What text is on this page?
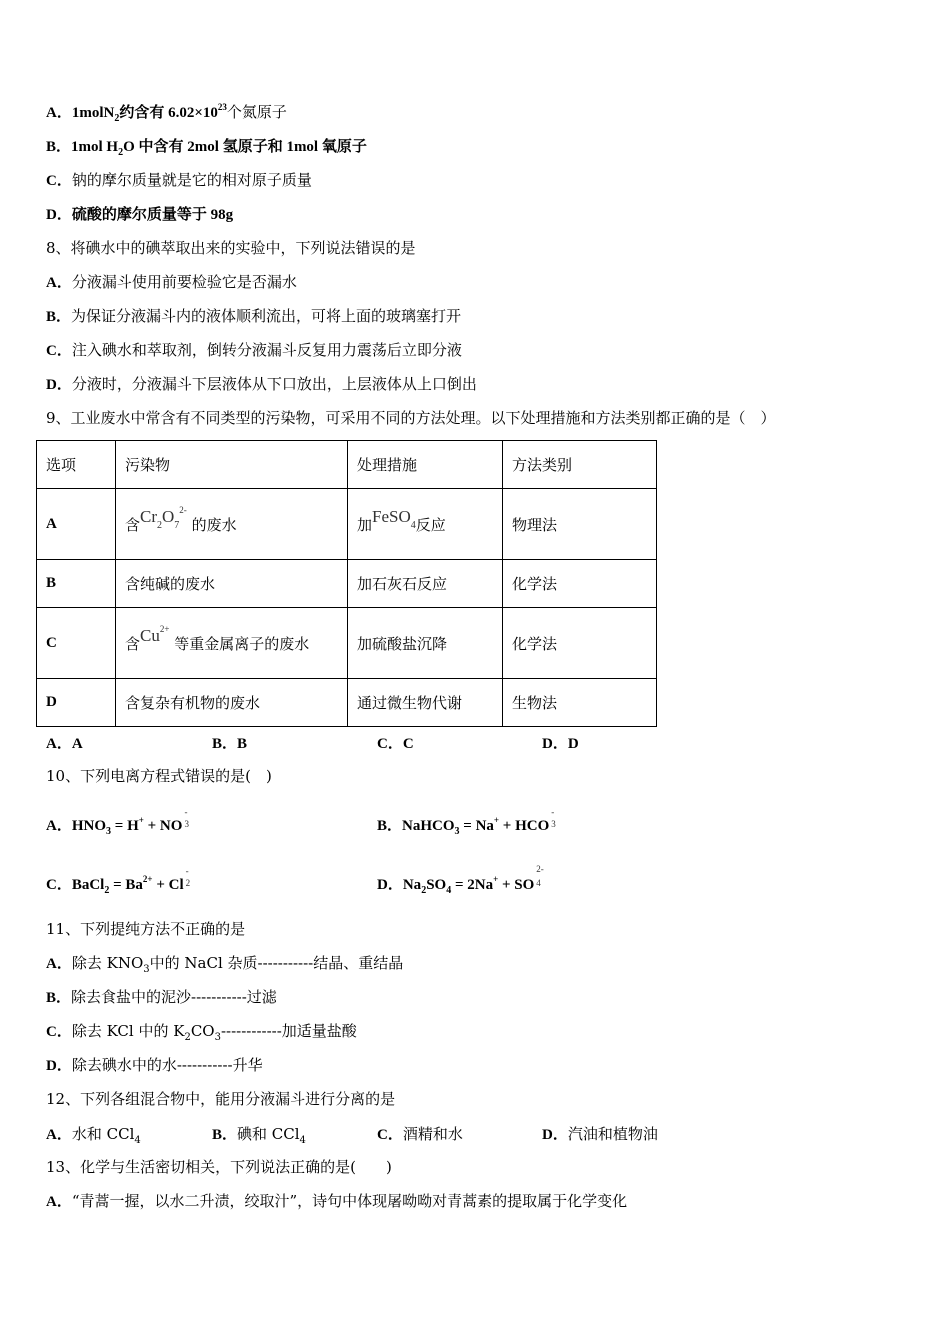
A．1molN$_2$约含有 $6.02\times 10^{23}$个氮原子
B．1mol $H_2O$ 中含有 2mol 氢原子和 1mol 氧原子
C．钠的摩尔质量就是它的相对原子质量
D．硫酸的摩尔质量等于 98g
8、将碘水中的碘萃取出来的实验中，下列说法错误的是
A．分液漏斗使用前要检验它是否漏水
B．为保证分液漏斗内的液体顺利流出，可将上面的玻璃塞打开
C．注入碘水和萃取剂，倒转分液漏斗反复用力震荡后立即分液
D．分液时，分液漏斗下层液体从下口放出，上层液体从上口倒出
9、工业废水中常含有不同类型的污染物，可采用不同的方法处理。以下处理措施和方法类别都正确的是（　）
选项	污染物	处理措施	方法类别
A	含$Cr_2O_7^{2-}$ 的废水	加FeSO$_4$反应	物理法
B	含纯碱的废水	加石灰石反应	化学法
C	含$Cu^{2+}$ 等重金属离子的废水	加硫酸盐沉降	化学法
D	含复杂有机物的废水	通过微生物代谢	生物法
A．A	B．B	C．C	D．D
10、下列电离方程式错误的是(　)
A．$HNO_3 = H^+$ + NO
-
3	B．NaHCO$_3$ = Na+ + HCO
-
3
C．BaCl$_2$ = $Ba^{2+} + Cl$
-
2	D．$Na_2SO_4 = 2Na^+$ + SO
2-
4
11、下列提纯方法不正确的是
A．除去 $KNO_3$中的 NaCl 杂质-----------结晶、重结晶
B．除去食盐中的泥沙-----------过滤
C．除去 KCl 中的 $K_2CO_3------------$加适量盐酸
D．除去碘水中的水-----------升华
12、下列各组混合物中，能用分液漏斗进行分离的是
A．水和 CCl$_4$	B．碘和 CCl$_4$	C．酒精和水	D．汽油和植物油
13、化学与生活密切相关，下列说法正确的是(　　)
A．“青蒿一握，以水二升渍，绞取汁”，诗句中体现屠呦呦对青蒿素的提取属于化学变化
